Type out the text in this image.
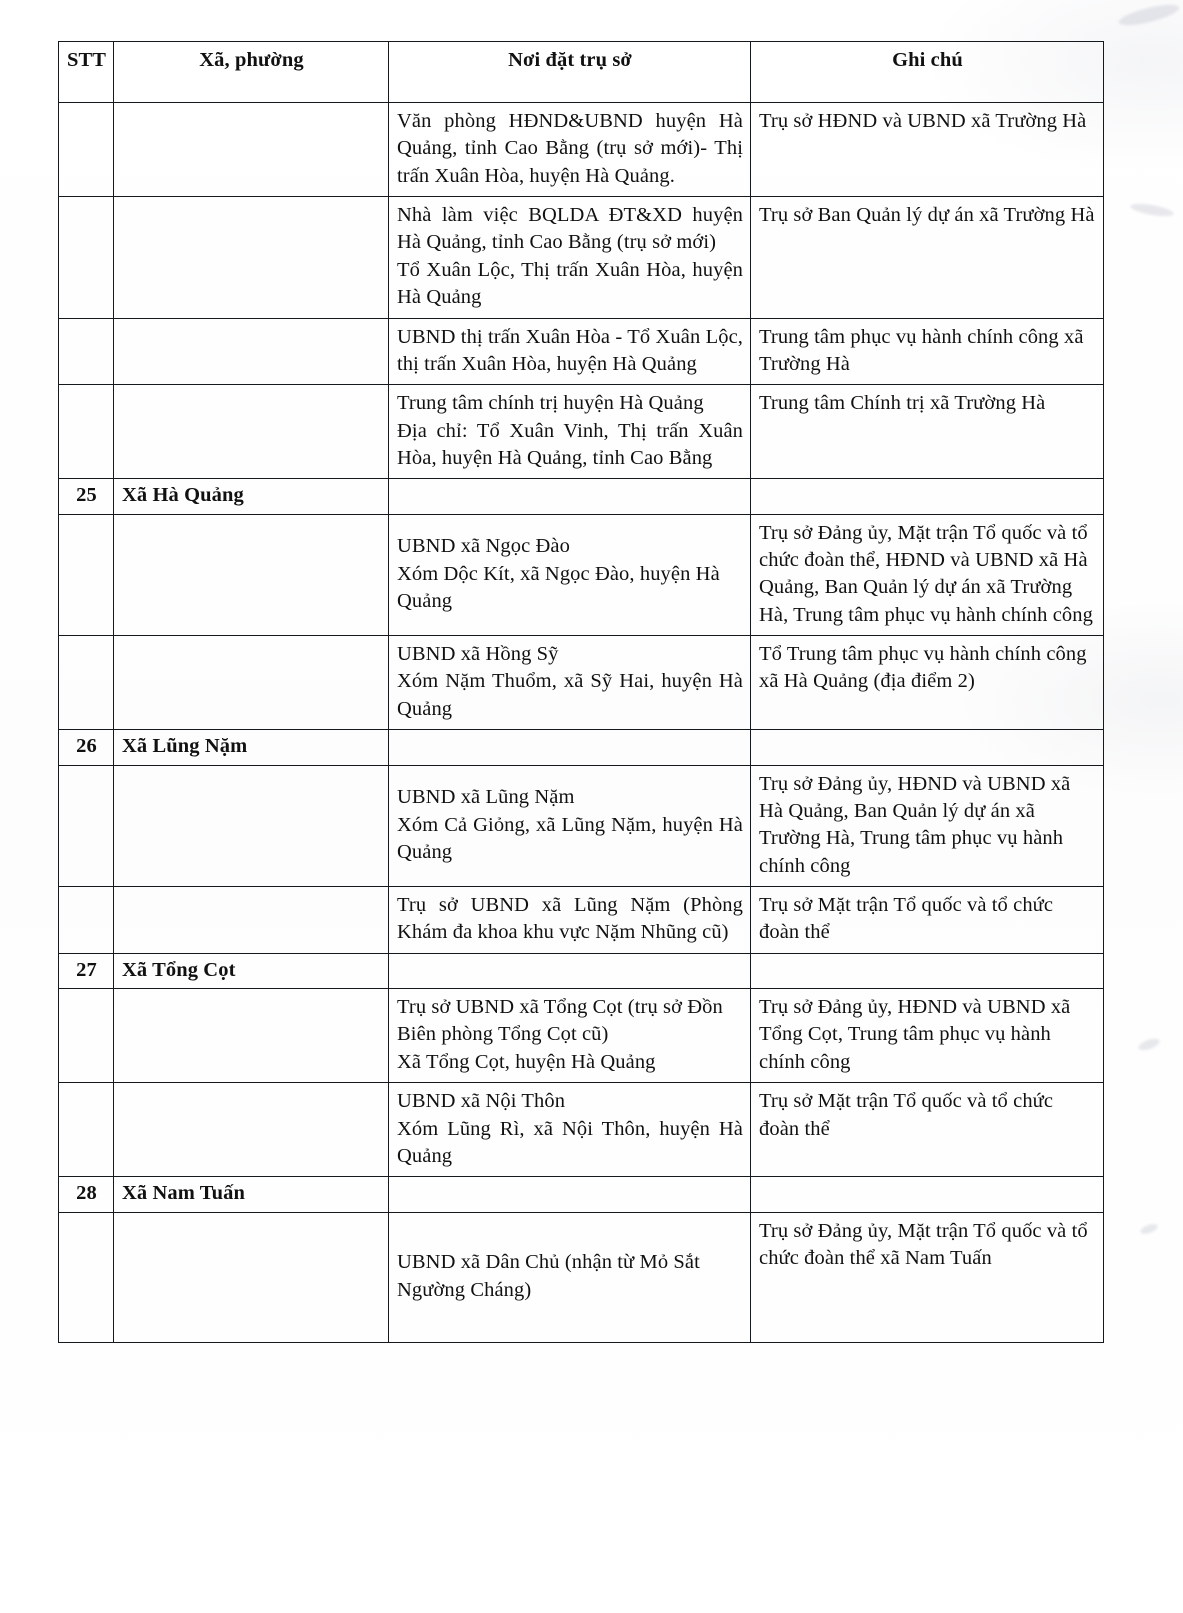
STT	Xã, phường	Nơi đặt trụ sở	Ghi chú
		Văn phòng HĐND&UBND huyện Hà Quảng, tỉnh Cao Bằng (trụ sở mới)- Thị trấn Xuân Hòa, huyện Hà Quảng.	Trụ sở HĐND và UBND xã Trường Hà

		Nhà làm việc BQLDA ĐT&XD huyện Hà Quảng, tỉnh Cao Bằng (trụ sở mới)
Tổ Xuân Lộc, Thị trấn Xuân Hòa, huyện Hà Quảng	Trụ sở Ban Quản lý dự án xã Trường Hà
		UBND thị trấn Xuân Hòa - Tổ Xuân Lộc, thị trấn Xuân Hòa, huyện Hà Quảng	Trung tâm phục vụ hành chính công xã Trường Hà

		Trung tâm chính trị huyện Hà Quảng
Địa chỉ: Tổ Xuân Vinh, Thị trấn Xuân Hòa, huyện Hà Quảng, tỉnh Cao Bằng	Trung tâm Chính trị xã Trường Hà
25	Xã Hà Quảng		

		UBND xã Ngọc Đào
Xóm Dộc Kít, xã Ngọc Đào, huyện Hà Quảng	Trụ sở Đảng ủy, Mặt trận Tổ quốc và tổ chức đoàn thể, HĐND và UBND xã Hà Quảng, Ban Quản lý dự án xã Trường Hà, Trung tâm phục vụ hành chính công

		UBND xã Hồng Sỹ
Xóm Nặm Thuổm, xã Sỹ Hai, huyện Hà Quảng	Tổ Trung tâm phục vụ hành chính công xã Hà Quảng (địa điểm 2)
26	Xã Lũng Nặm		

		UBND xã Lũng Nặm
Xóm Cả Giỏng, xã Lũng Nặm, huyện Hà Quảng	Trụ sở Đảng ủy, HĐND và UBND xã Hà Quảng, Ban Quản lý dự án xã Trường Hà, Trung tâm phục vụ hành chính công
		Trụ sở UBND xã Lũng Nặm (Phòng Khám đa khoa khu vực Nặm Nhũng cũ)	Trụ sở Mặt trận Tổ quốc và tổ chức đoàn thể
27	Xã Tổng Cọt		

		Trụ sở UBND xã Tổng Cọt (trụ sở Đồn Biên phòng Tổng Cọt cũ)
Xã Tổng Cọt, huyện Hà Quảng	Trụ sở Đảng ủy, HĐND và UBND xã Tổng Cọt, Trung tâm phục vụ hành chính công

		UBND xã Nội Thôn
Xóm Lũng Rì, xã Nội Thôn, huyện Hà Quảng	Trụ sở Mặt trận Tổ quốc và tổ chức đoàn thể
28	Xã Nam Tuấn		
		UBND xã Dân Chủ (nhận từ Mỏ Sắt Ngường Cháng)	Trụ sở Đảng ủy, Mặt trận Tổ quốc và tổ chức đoàn thể xã Nam Tuấn
